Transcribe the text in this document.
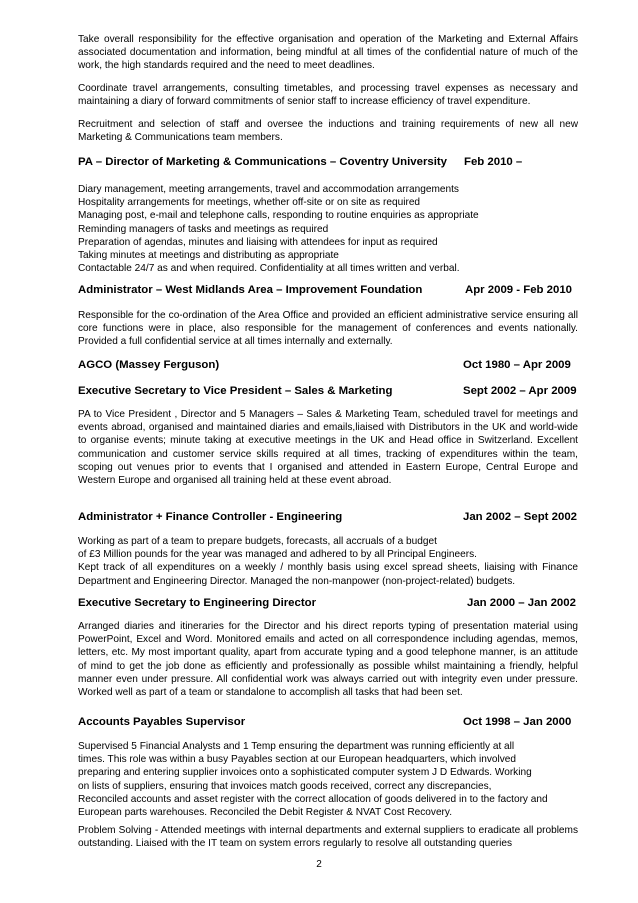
Take overall responsibility for the effective organisation and operation of the Marketing and External Affairs associated documentation and information, being mindful at all times of the confidential nature of much of the work, the high standards required and the need to meet deadlines.

Coordinate travel arrangements, consulting timetables, and processing travel expenses as necessary and maintaining a diary of forward commitments of senior staff to increase efficiency of travel expenditure.

Recruitment and selection of staff and oversee the inductions and training requirements of new all new Marketing & Communications team members.

PA – Director of Marketing & Communications – Coventry University Feb 2010 –
Diary management, meeting arrangements, travel and accommodation arrangements
Hospitality arrangements for meetings, whether off-site or on site as required
Managing post, e-mail and telephone calls, responding to routine enquiries as appropriate
Reminding managers of tasks and meetings as required
Preparation of agendas, minutes and liaising with attendees for input as required
Taking minutes at meetings and distributing as appropriate
Contactable 24/7 as and when required. Confidentiality at all times written and verbal.
Administrator – West Midlands Area – Improvement Foundation	Apr 2009 - Feb 2010

Responsible for the co-ordination of the Area Office and provided an efficient administrative service ensuring all core functions were in place, also responsible for the management of conferences and events nationally. Provided a full confidential service at all times internally and externally.

AGCO (Massey Ferguson)	Oct 1980 – Apr 2009
Executive Secretary to Vice President – Sales & Marketing	Sept 2002 – Apr 2009

PA to Vice President , Director and 5 Managers – Sales & Marketing Team, scheduled travel for meetings and events abroad, organised and maintained diaries and emails,liaised with Distributors in the UK and world-wide to organise events; minute taking at executive meetings in the UK and Head office in Switzerland. Excellent communication and customer service skills required at all times, tracking of expenditures within the team, scoping out venues prior to events that I organised and attended in Eastern Europe, Central Europe and Western Europe and organised all training held at these event abroad.

Administrator + Finance Controller - Engineering	Jan 2002 – Sept 2002
Working as part of a team to prepare budgets, forecasts, all accruals of a budget
of £3 Million pounds for the year was managed and adhered to by all Principal Engineers.
Kept track of all expenditures on a weekly / monthly basis using excel spread sheets, liaising with Finance Department and Engineering Director. Managed the non-manpower (non-project-related) budgets.
Executive Secretary to Engineering Director	Jan 2000 – Jan 2002

Arranged diaries and itineraries for the Director and his direct reports typing of presentation material using PowerPoint, Excel and Word. Monitored emails and acted on all correspondence including agendas, memos, letters, etc. My most important quality, apart from accurate typing and a good telephone manner, is an attitude of mind to get the job done as efficiently and professionally as possible whilst maintaining a friendly, helpful manner even under pressure. All confidential work was always carried out with integrity even under pressure. Worked well as part of a team or standalone to accomplish all tasks that had been set.

Accounts Payables Supervisor	Oct 1998 – Jan 2000
Supervised 5 Financial Analysts and 1 Temp ensuring the department was running efficiently at all
times. This role was within a busy Payables section at our European headquarters, which involved
preparing and entering supplier invoices onto a sophisticated computer system J D Edwards. Working
on lists of suppliers, ensuring that invoices match goods received, correct any discrepancies,
Reconciled accounts and asset register with the correct allocation of goods delivered in to the factory and
European parts warehouses. Reconciled the Debit Register & NVAT Cost Recovery.

Problem Solving - Attended meetings with internal departments and external suppliers to eradicate all problems outstanding. Liaised with the IT team on system errors regularly to resolve all outstanding queries

2
